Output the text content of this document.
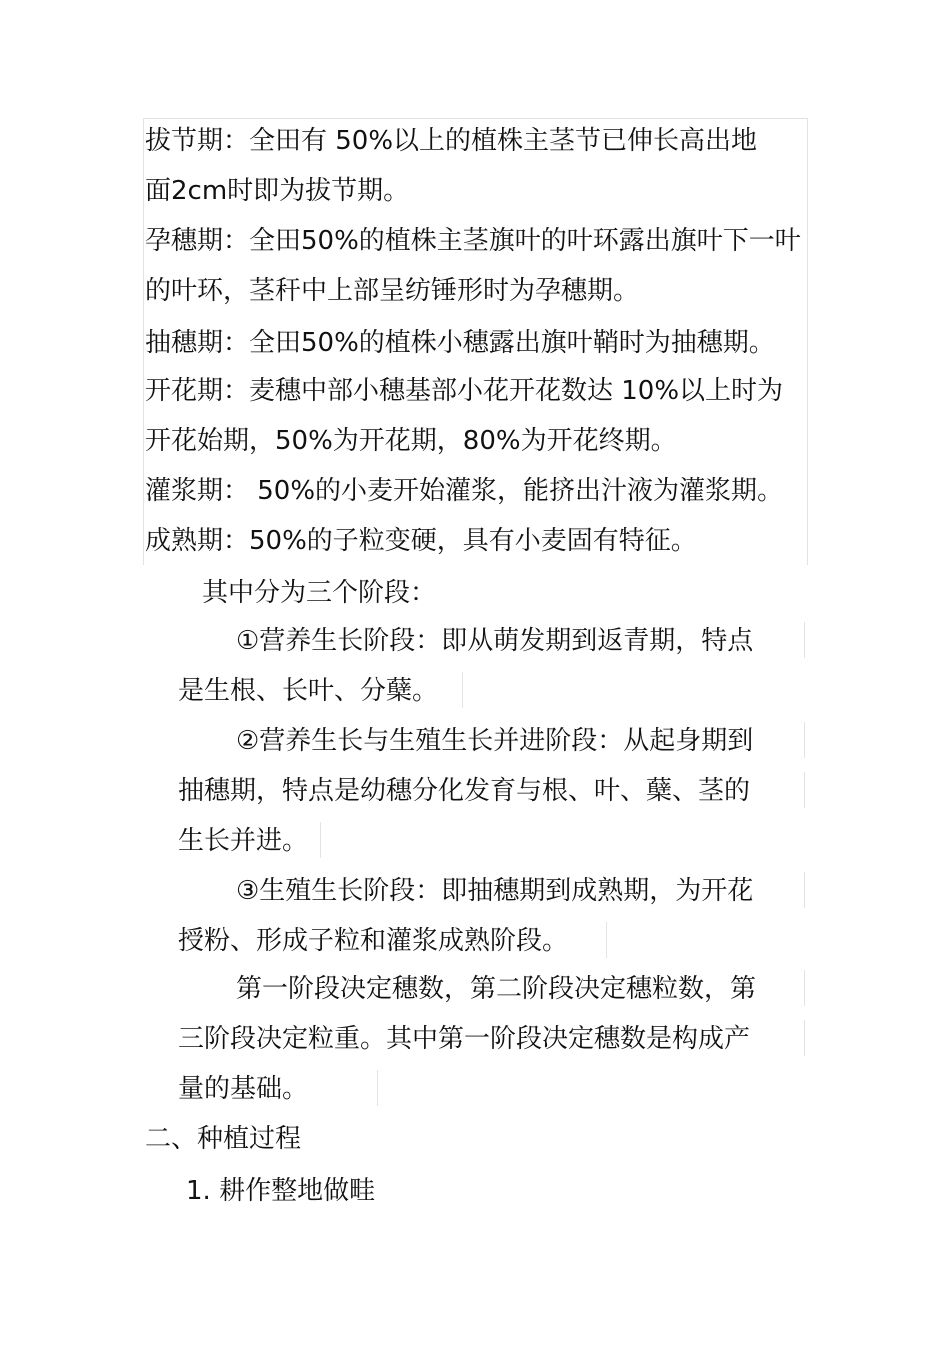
拔节期：全田有 50%以上的植株主茎节已伸长高出地
面2cm时即为拔节期。
孕穗期：全田50%的植株主茎旗叶的叶环露出旗叶下一叶
的叶环，茎秆中上部呈纺锤形时为孕穗期。
抽穗期：全田50%的植株小穗露出旗叶鞘时为抽穗期。
开花期：麦穗中部小穗基部小花开花数达 10%以上时为
开花始期，50%为开花期，80%为开花终期。
灌浆期： 50%的小麦开始灌浆，能挤出汁液为灌浆期。
成熟期：50%的子粒变硬，具有小麦固有特征。
其中分为三个阶段：
①营养生长阶段：即从萌发期到返青期，特点
是生根、长叶、分蘖。
②营养生长与生殖生长并进阶段：从起身期到
抽穗期，特点是幼穗分化发育与根、叶、蘖、茎的
生长并进。
③生殖生长阶段：即抽穗期到成熟期，为开花
授粉、形成子粒和灌浆成熟阶段。
第一阶段决定穗数，第二阶段决定穗粒数，第
三阶段决定粒重。其中第一阶段决定穗数是构成产
量的基础。
二、种植过程
1. 耕作整地做畦
